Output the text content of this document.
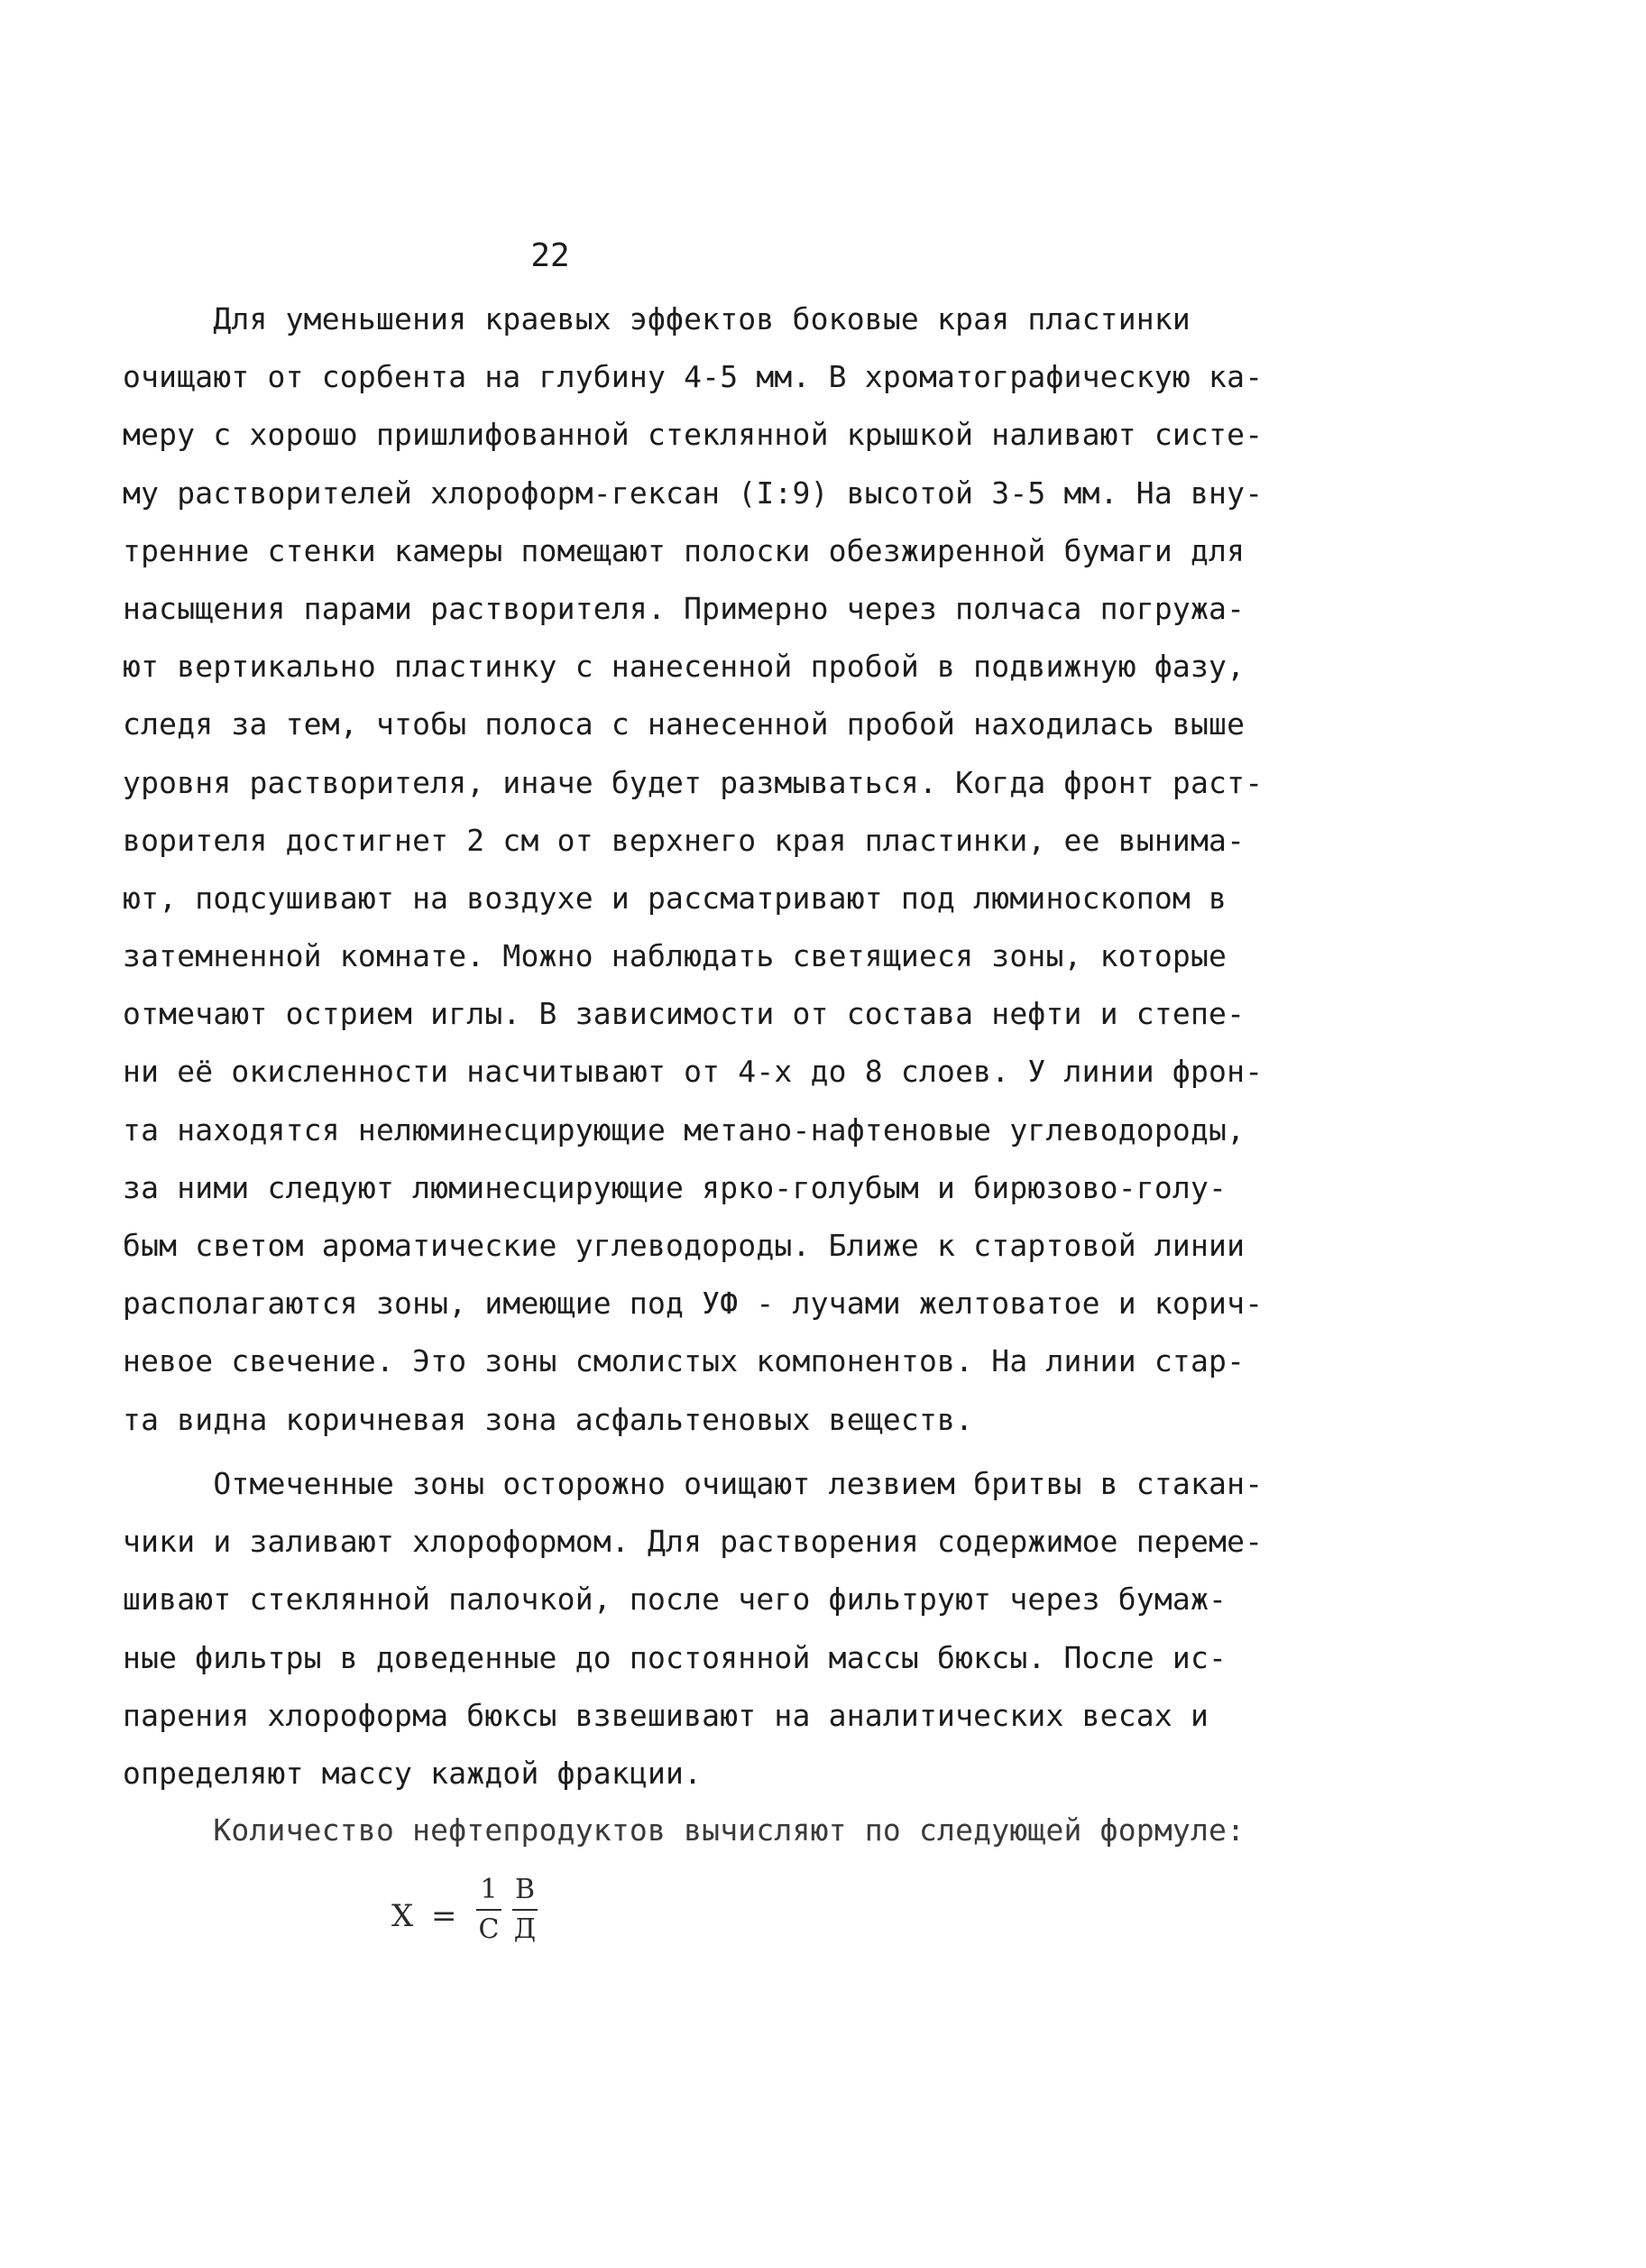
22
Для уменьшения краевых эффектов боковые края пластинки
очищают от сорбента на глубину 4-5 мм. В хроматографическую ка-
меру с хорошо пришлифованной стеклянной крышкой наливают систе-
му растворителей хлороформ-гексан (I:9) высотой 3-5 мм. На вну-
тренние стенки камеры помещают полоски обезжиренной бумаги для
насыщения парами растворителя. Примерно через полчаса погружа-
ют вертикально пластинку с нанесенной пробой в подвижную фазу,
следя за тем, чтобы полоса с нанесенной пробой находилась выше
уровня растворителя, иначе будет размываться. Когда фронт раст-
ворителя достигнет 2 см от верхнего края пластинки, ее вынима-
ют, подсушивают на воздухе и рассматривают под люминоскопом в
затемненной комнате. Можно наблюдать светящиеся зоны, которые
отмечают острием иглы. В зависимости от состава нефти и степе-
ни её окисленности насчитывают от 4-х до 8 слоев. У линии фрон-
та находятся нелюминесцирующие метано-нафтеновые углеводороды,
за ними следуют люминесцирующие ярко-голубым и бирюзово-голу-
бым светом ароматические углеводороды. Ближе к стартовой линии
располагаются зоны, имеющие под УФ - лучами желтоватое и корич-
невое свечение. Это зоны смолистых компонентов. На линии стар-
та видна коричневая зона асфальтеновых веществ.
Отмеченные зоны осторожно очищают лезвием бритвы в стакан-
чики и заливают хлороформом. Для растворения содержимое переме-
шивают стеклянной палочкой, после чего фильтруют через бумаж-
ные фильтры в доведенные до постоянной массы бюксы. После ис-
парения хлороформа бюксы взвешивают на аналитических весах и
определяют массу каждой фракции.
Количество нефтепродуктов вычисляют по следующей формуле:
Х =
1
С
В
Д
